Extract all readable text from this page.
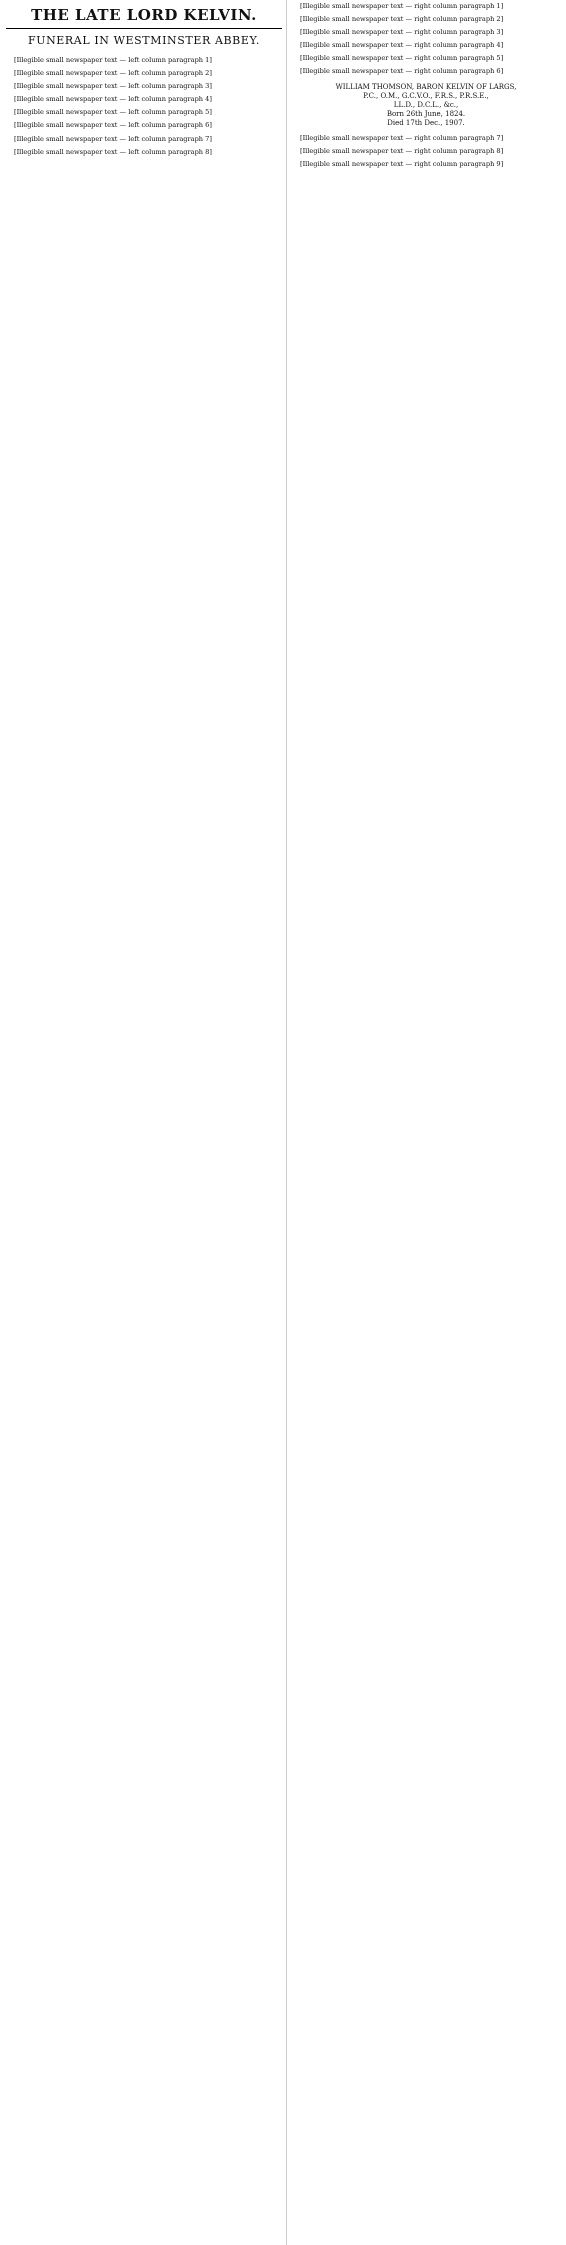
THE LATE LORD KELVIN.
FUNERAL IN WESTMINSTER ABBEY.

[Illegible small newspaper text — left column paragraph 1]

[Illegible small newspaper text — left column paragraph 2]

[Illegible small newspaper text — left column paragraph 3]

[Illegible small newspaper text — left column paragraph 4]

[Illegible small newspaper text — left column paragraph 5]

[Illegible small newspaper text — left column paragraph 6]

[Illegible small newspaper text — left column paragraph 7]

[Illegible small newspaper text — left column paragraph 8]

[Illegible small newspaper text — right column paragraph 1]

[Illegible small newspaper text — right column paragraph 2]

[Illegible small newspaper text — right column paragraph 3]

[Illegible small newspaper text — right column paragraph 4]

[Illegible small newspaper text — right column paragraph 5]

[Illegible small newspaper text — right column paragraph 6]

WILLIAM THOMSON, BARON KELVIN OF LARGS,
P.C., O.M., G.C.V.O., F.R.S., P.R.S.E.,
LL.D., D.C.L., &c.,
Born 26th June, 1824.
Died 17th Dec., 1907.

[Illegible small newspaper text — right column paragraph 7]

[Illegible small newspaper text — right column paragraph 8]

[Illegible small newspaper text — right column paragraph 9]
